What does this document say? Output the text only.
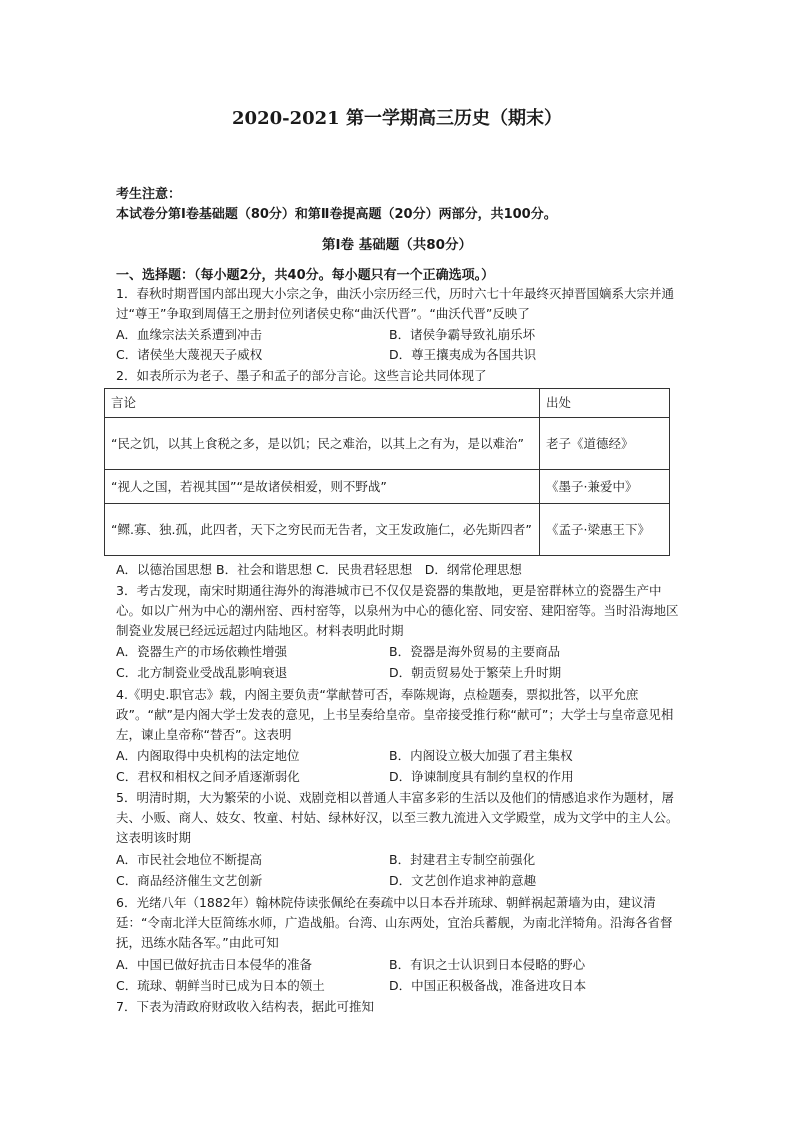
2020-2021 第一学期高三历史（期末）
考生注意：
本试卷分第Ⅰ卷基础题（80分）和第Ⅱ卷提高题（20分）两部分，共100分。
第Ⅰ卷 基础题（共80分）
一、选择题：（每小题2分，共40分。每小题只有一个正确选项。）
1．春秋时期晋国内部出现大小宗之争，曲沃小宗历经三代，历时六七十年最终灭掉晋国嫡系大宗并通过“尊王”争取到周僖王之册封位列诸侯史称“曲沃代晋”。“曲沃代晋”反映了
A．血缘宗法关系遭到冲击	B．诸侯争霸导致礼崩乐坏
C．诸侯坐大蔑视天子威权	D．尊王攘夷成为各国共识
2．如表所示为老子、墨子和孟子的部分言论。这些言论共同体现了
言论	出处
“民之饥，以其上食税之多，是以饥；民之难治，以其上之有为，是以难治”	老子《道德经》
“视人之国，若视其国”“是故诸侯相爱，则不野战”	《墨子·兼爱中》
“鳏.寡、独.孤，此四者，天下之穷民而无告者，文王发政施仁，必先斯四者”	《孟子·梁惠王下》
A．以德治国思想 B．社会和谐思想 C．民贵君轻思想　D．纲常伦理思想
3．考古发现，南宋时期通往海外的海港城市已不仅仅是瓷器的集散地，更是窑群林立的瓷器生产中心。如以广州为中心的潮州窑、西村窑等，以泉州为中心的德化窑、同安窑、建阳窑等。当时沿海地区制瓷业发展已经远远超过内陆地区。材料表明此时期
A．瓷器生产的市场依赖性增强	B．瓷器是海外贸易的主要商品
C．北方制瓷业受战乱影响衰退	D．朝贡贸易处于繁荣上升时期
4.《明史.职官志》载，内阁主要负责“掌献替可否，奉陈规诲，点检题奏，票拟批答，以平允庶政”。“献”是内阁大学士发表的意见，上书呈奏给皇帝。皇帝接受推行称“献可”；大学士与皇帝意见相左，谏止皇帝称“替否”。这表明
A．内阁取得中央机构的法定地位	B．内阁设立极大加强了君主集权
C．君权和相权之间矛盾逐渐弱化	D．诤谏制度具有制约皇权的作用
5．明清时期，大为繁荣的小说、戏剧竞相以普通人丰富多彩的生活以及他们的情感追求作为题材，屠夫、小贩、商人、妓女、牧童、村姑、绿林好汉，以至三教九流进入文学殿堂，成为文学中的主人公。这表明该时期
A．市民社会地位不断提高	B．封建君主专制空前强化
C．商品经济催生文艺创新	D．文艺创作追求神韵意趣
6．光绪八年（1882年）翰林院侍读张佩纶在奏疏中以日本吞并琉球、朝鲜祸起萧墙为由，建议清廷：“令南北洋大臣简练水师，广造战船。台湾、山东两处，宜治兵蓄舰，为南北洋犄角。沿海各省督抚，迅练水陆各军。”由此可知
A．中国已做好抗击日本侵华的准备	B．有识之士认识到日本侵略的野心
C．琉球、朝鲜当时已成为日本的领土	D．中国正积极备战，准备进攻日本
7．下表为清政府财政收入结构表，据此可推知
